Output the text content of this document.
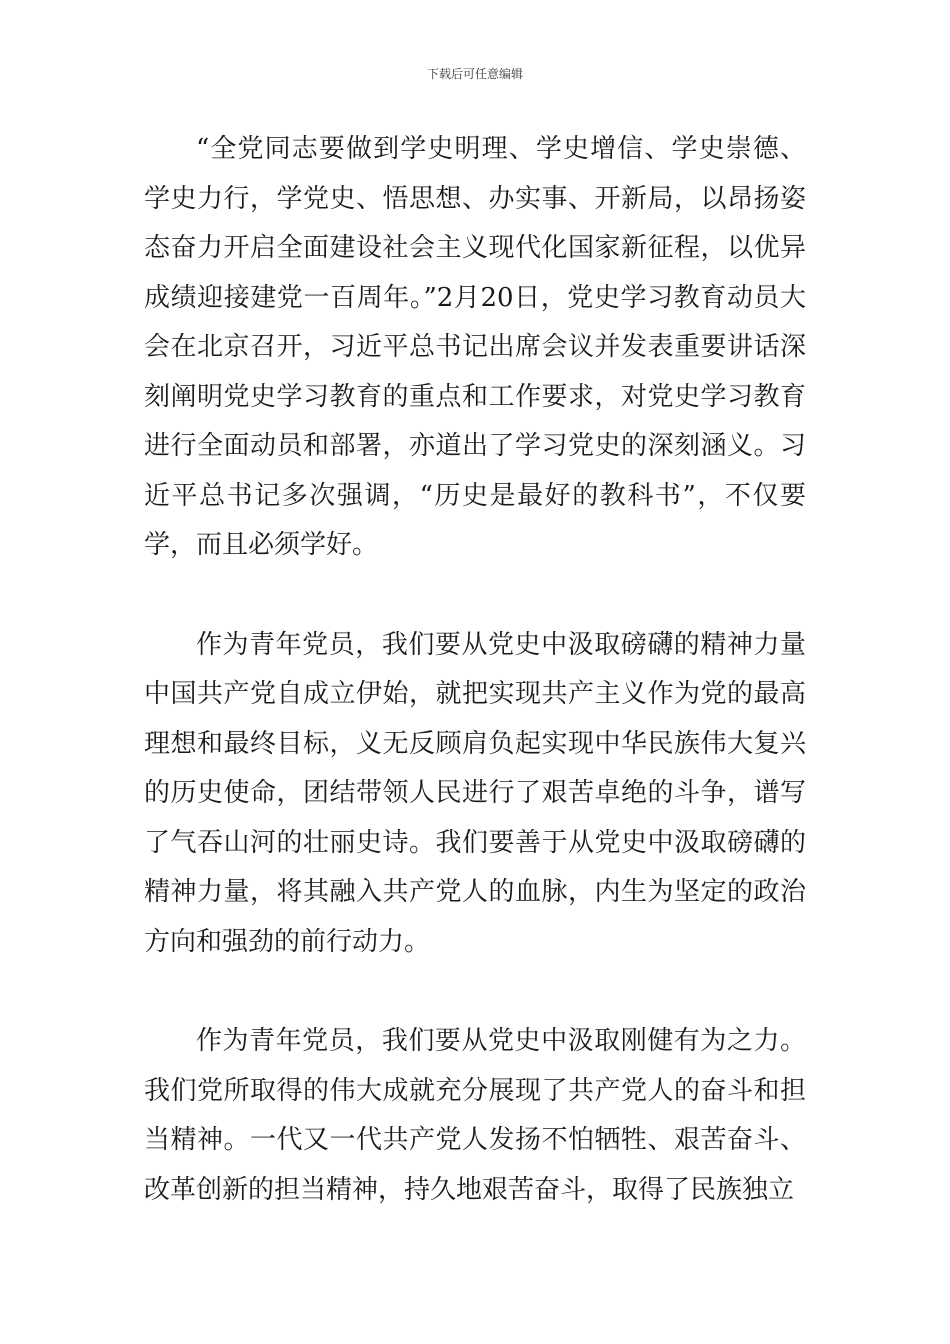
下载后可任意编辑

“全党同志要做到学史明理、学史增信、学史崇德、学史力行，学党史、悟思想、办实事、开新局，以昂扬姿态奋力开启全面建设社会主义现代化国家新征程，以优异成绩迎接建党一百周年。”2月20日，党史学习教育动员大会在北京召开，习近平总书记出席会议并发表重要讲话深刻阐明党史学习教育的重点和工作要求，对党史学习教育进行全面动员和部署，亦道出了学习党史的深刻涵义。习近平总书记多次强调，“历史是最好的教科书”，不仅要学，而且必须学好。

作为青年党员，我们要从党史中汲取磅礴的精神力量中国共产党自成立伊始，就把实现共产主义作为党的最高理想和最终目标，义无反顾肩负起实现中华民族伟大复兴的历史使命，团结带领人民进行了艰苦卓绝的斗争，谱写了气吞山河的壮丽史诗。我们要善于从党史中汲取磅礴的精神力量，将其融入共产党人的血脉，内生为坚定的政治方向和强劲的前行动力。

作为青年党员，我们要从党史中汲取刚健有为之力。我们党所取得的伟大成就充分展现了共产党人的奋斗和担当精神。一代又一代共产党人发扬不怕牺牲、艰苦奋斗、改革创新的担当精神，持久地艰苦奋斗，取得了民族独立
